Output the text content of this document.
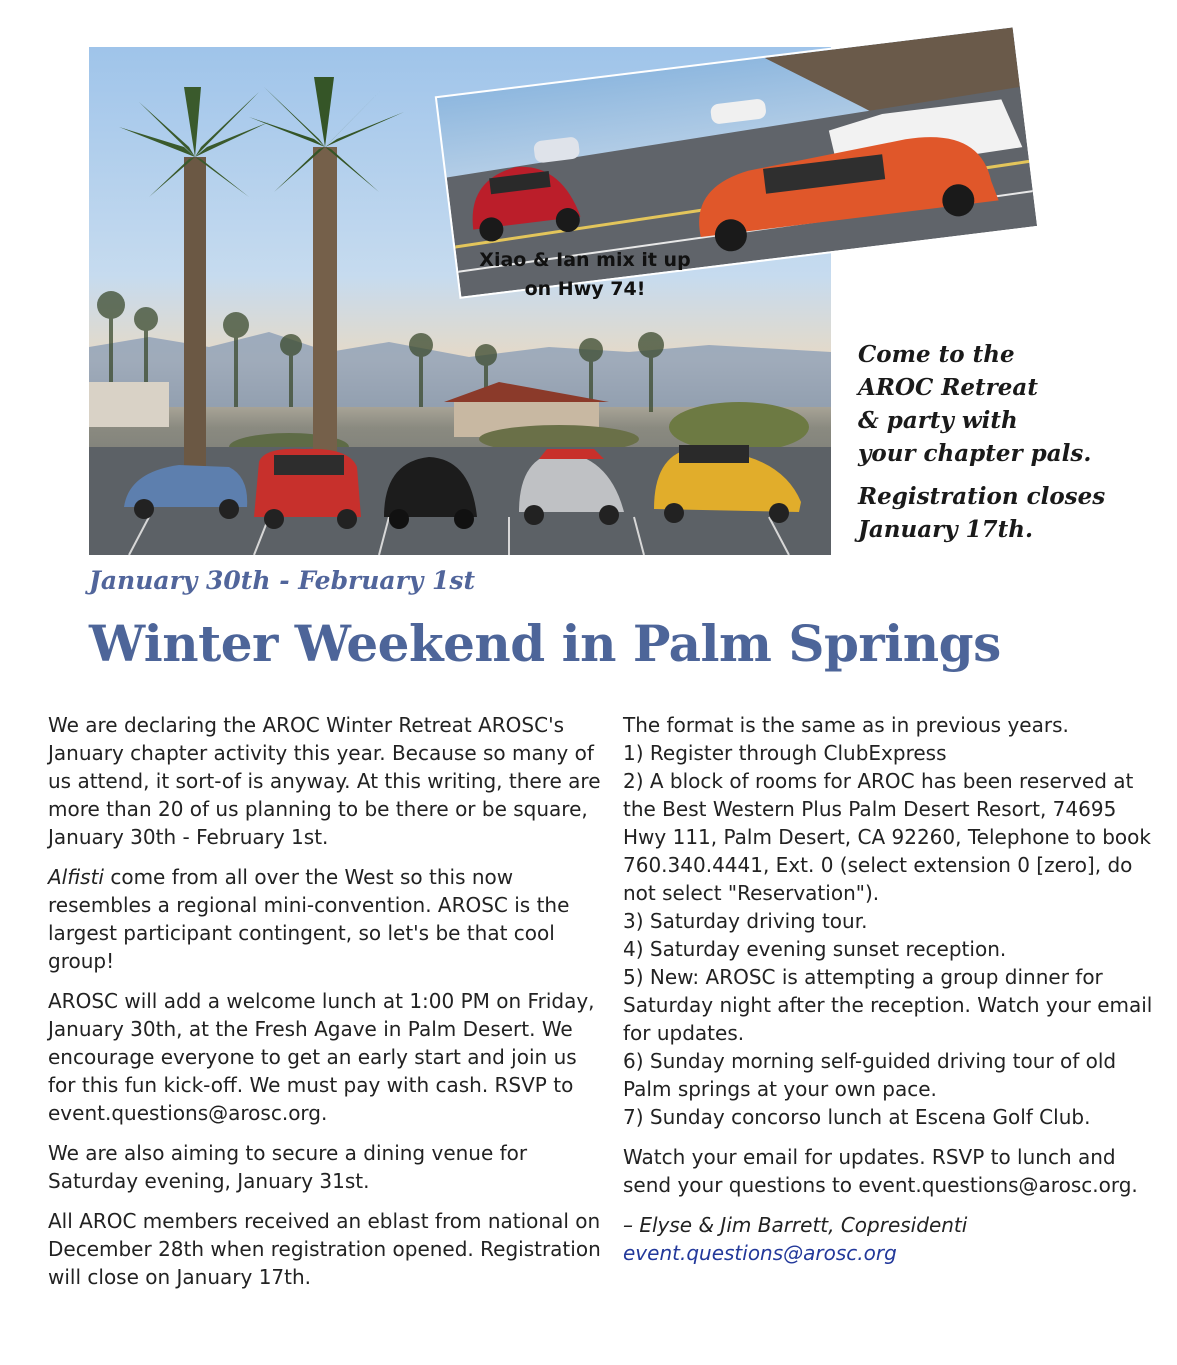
Xiao & Ian mix it up
on Hwy 74!

Come to the
AROC Retreat
& party with
your chapter pals.

Registration closes
January 17th.

January 30th - February 1st
Winter Weekend in Palm Springs

We are declaring the AROC Winter Retreat AROSC's January chapter activity this year. Because so many of us attend, it sort-of is anyway. At this writing, there are more than 20 of us planning to be there or be square, January 30th - February 1st.

Alfisti come from all over the West so this now resembles a regional mini-convention. AROSC is the largest participant contingent, so let's be that cool group!

AROSC will add a welcome lunch at 1:00 PM on Friday, January 30th, at the Fresh Agave in Palm Desert. We encourage everyone to get an early start and join us for this fun kick-off. We must pay with cash. RSVP to event.questions@arosc.org.

We are also aiming to secure a dining venue for Saturday evening, January 31st.

All AROC members received an eblast from national on December 28th when registration opened. Registration will close on January 17th.

The format is the same as in previous years.
1) Register through ClubExpress
2) A block of rooms for AROC has been reserved at the Best Western Plus Palm Desert Resort, 74695 Hwy 111, Palm Desert, CA 92260, Telephone to book 760.340.4441, Ext. 0 (select extension 0 [zero], do not select "Reservation").
3) Saturday driving tour.
4) Saturday evening sunset reception.
5) New: AROSC is attempting a group dinner for Saturday night after the reception. Watch your email for updates.
6) Sunday morning self-guided driving tour of old Palm springs at your own pace.
7) Sunday concorso lunch at Escena Golf Club.

Watch your email for updates. RSVP to lunch and send your questions to event.questions@arosc.org.

– Elyse & Jim Barrett, Copresidenti
event.questions@arosc.org
